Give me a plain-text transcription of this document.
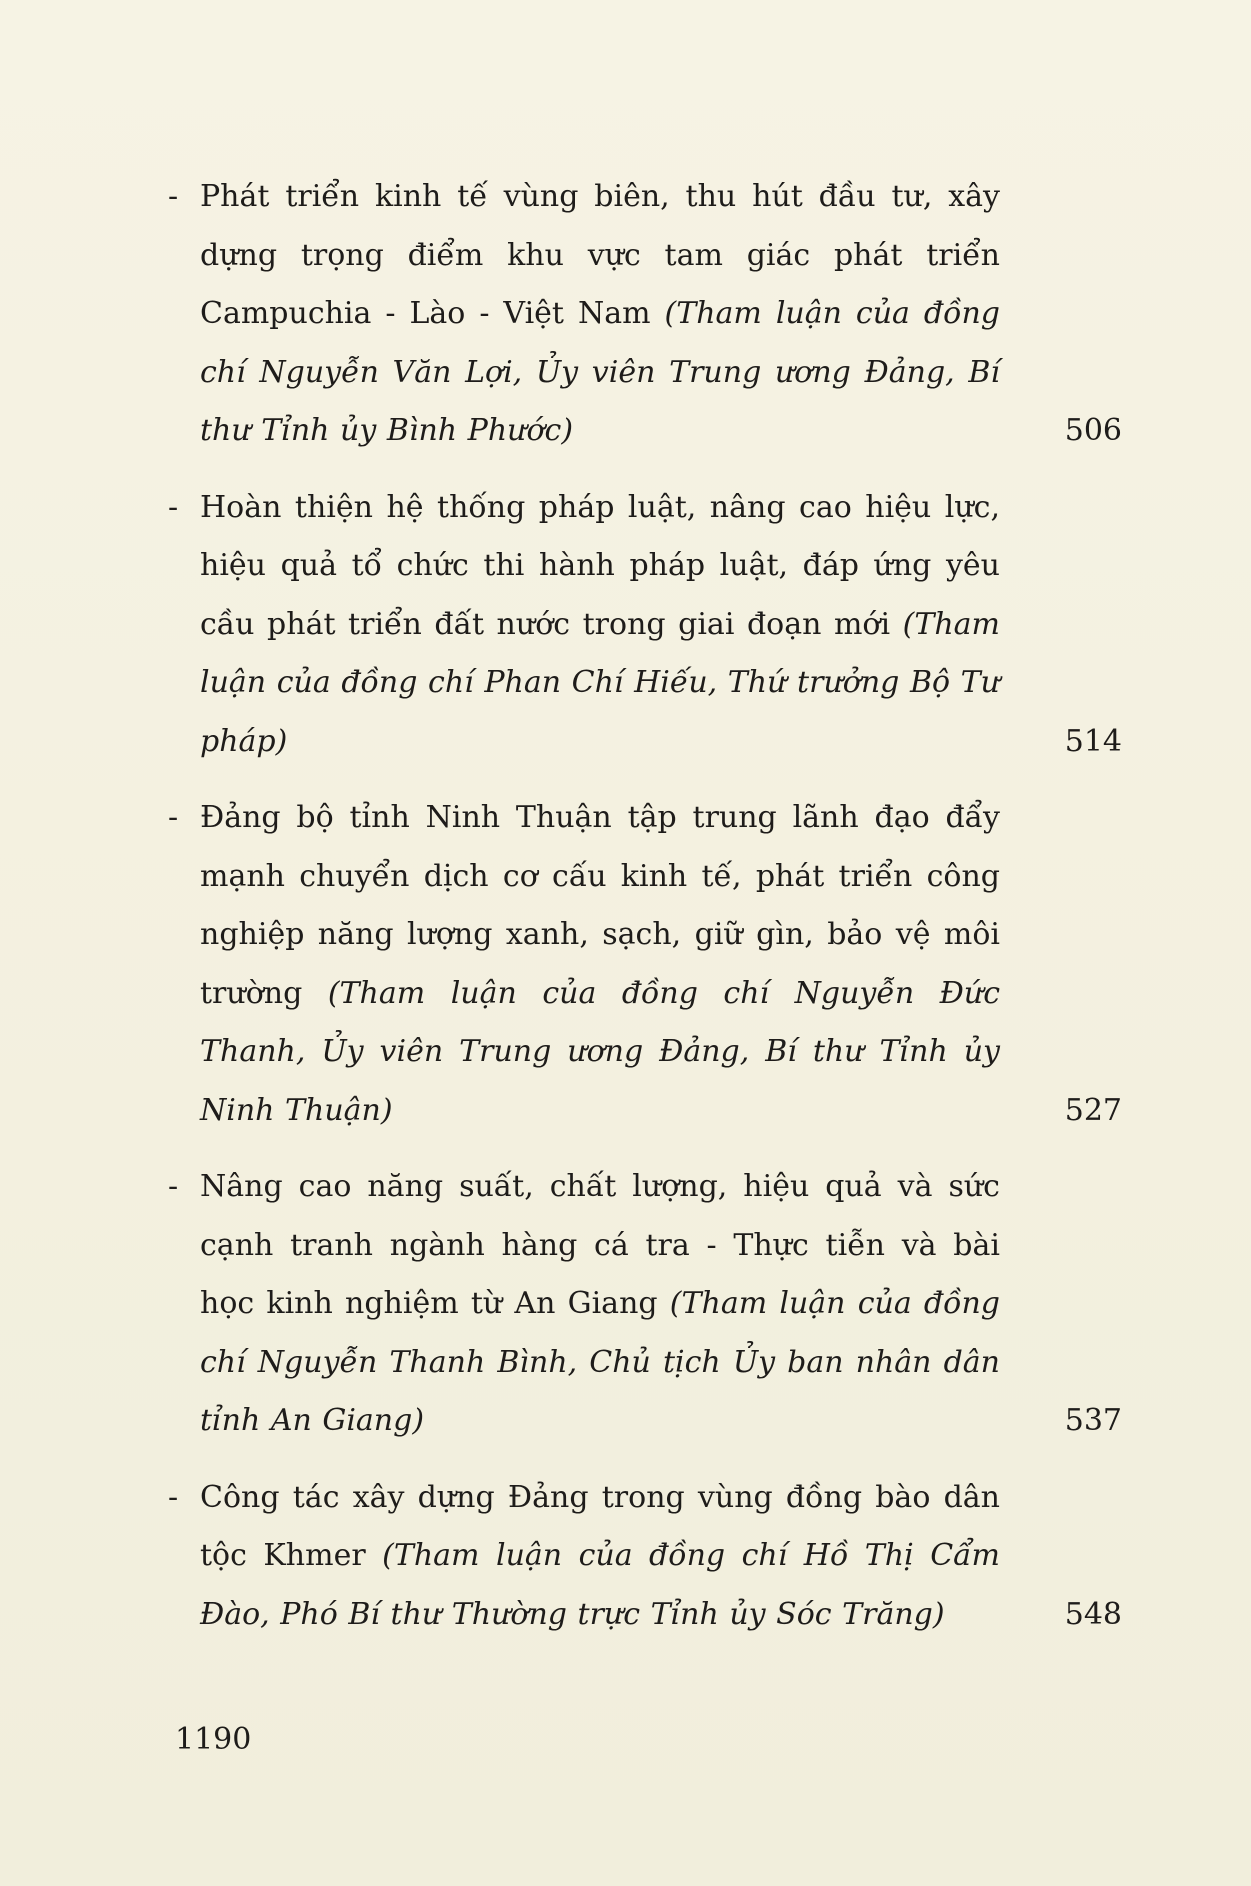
- Phát triển kinh tế vùng biên, thu hút đầu tư, xây dựng trọng điểm khu vực tam giác phát triển Campuchia - Lào - Việt Nam (Tham luận của đồng chí Nguyễn Văn Lợi, Ủy viên Trung ương Đảng, Bí thư Tỉnh ủy Bình Phước)	506
- Hoàn thiện hệ thống pháp luật, nâng cao hiệu lực, hiệu quả tổ chức thi hành pháp luật, đáp ứng yêu cầu phát triển đất nước trong giai đoạn mới (Tham luận của đồng chí Phan Chí Hiếu, Thứ trưởng Bộ Tư pháp)	514
- Đảng bộ tỉnh Ninh Thuận tập trung lãnh đạo đẩy mạnh chuyển dịch cơ cấu kinh tế, phát triển công nghiệp năng lượng xanh, sạch, giữ gìn, bảo vệ môi trường (Tham luận của đồng chí Nguyễn Đức Thanh, Ủy viên Trung ương Đảng, Bí thư Tỉnh ủy Ninh Thuận)	527
- Nâng cao năng suất, chất lượng, hiệu quả và sức cạnh tranh ngành hàng cá tra - Thực tiễn và bài học kinh nghiệm từ An Giang (Tham luận của đồng chí Nguyễn Thanh Bình, Chủ tịch Ủy ban nhân dân tỉnh An Giang)	537
- Công tác xây dựng Đảng trong vùng đồng bào dân tộc Khmer (Tham luận của đồng chí Hồ Thị Cẩm Đào, Phó Bí thư Thường trực Tỉnh ủy Sóc Trăng)	548
1190
